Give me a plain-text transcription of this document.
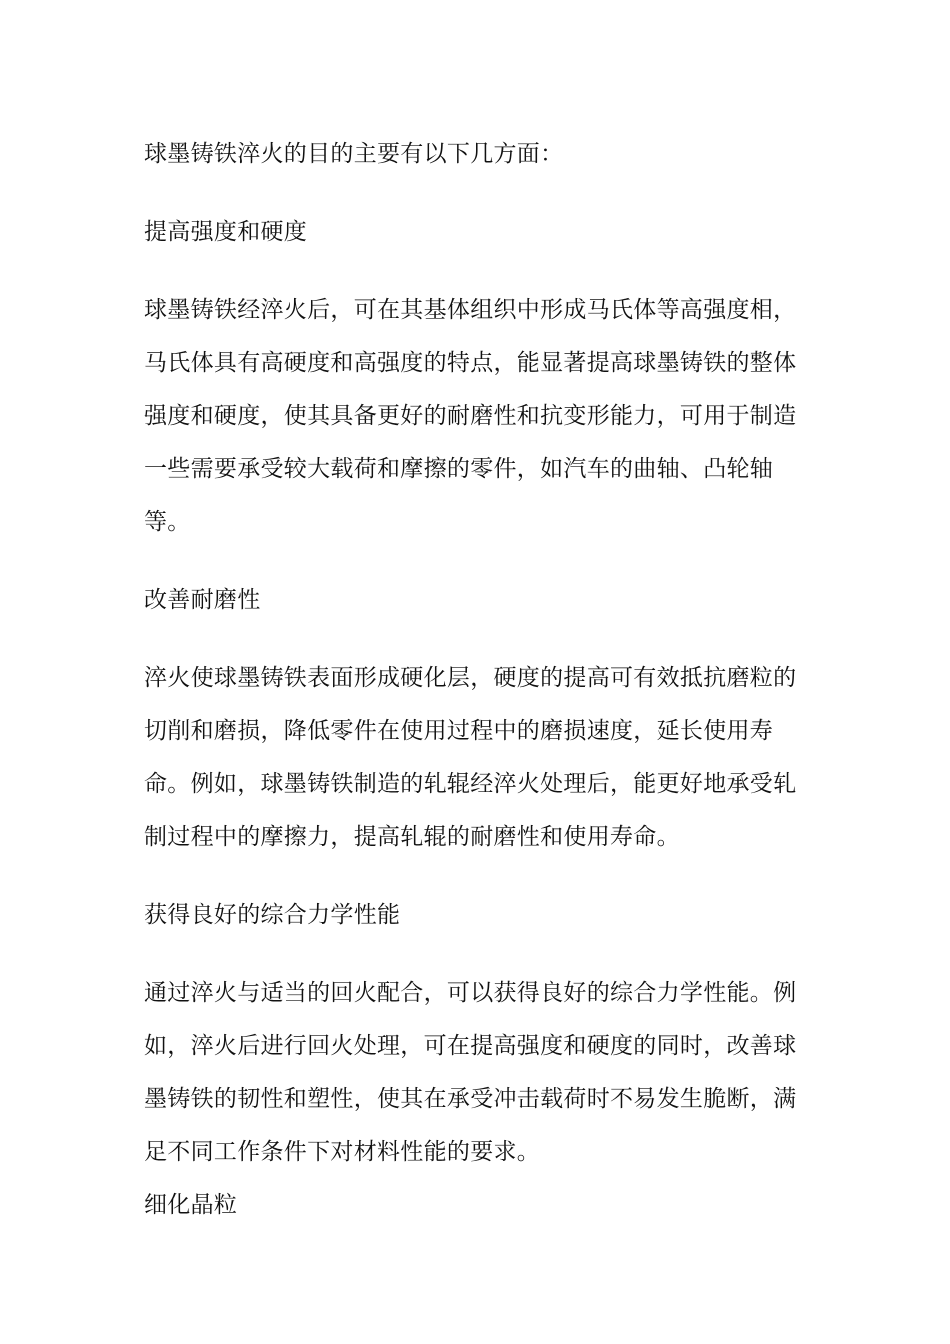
球墨铸铁淬火的目的主要有以下几方面：

提高强度和硬度

球墨铸铁经淬火后，可在其基体组织中形成马氏体等高强度相，马氏体具有高硬度和高强度的特点，能显著提高球墨铸铁的整体强度和硬度，使其具备更好的耐磨性和抗变形能力，可用于制造一些需要承受较大载荷和摩擦的零件，如汽车的曲轴、凸轮轴等。

改善耐磨性

淬火使球墨铸铁表面形成硬化层，硬度的提高可有效抵抗磨粒的切削和磨损，降低零件在使用过程中的磨损速度，延长使用寿命。例如，球墨铸铁制造的轧辊经淬火处理后，能更好地承受轧制过程中的摩擦力，提高轧辊的耐磨性和使用寿命。

获得良好的综合力学性能

通过淬火与适当的回火配合，可以获得良好的综合力学性能。例如，淬火后进行回火处理，可在提高强度和硬度的同时，改善球墨铸铁的韧性和塑性，使其在承受冲击载荷时不易发生脆断，满足不同工作条件下对材料性能的要求。

细化晶粒
